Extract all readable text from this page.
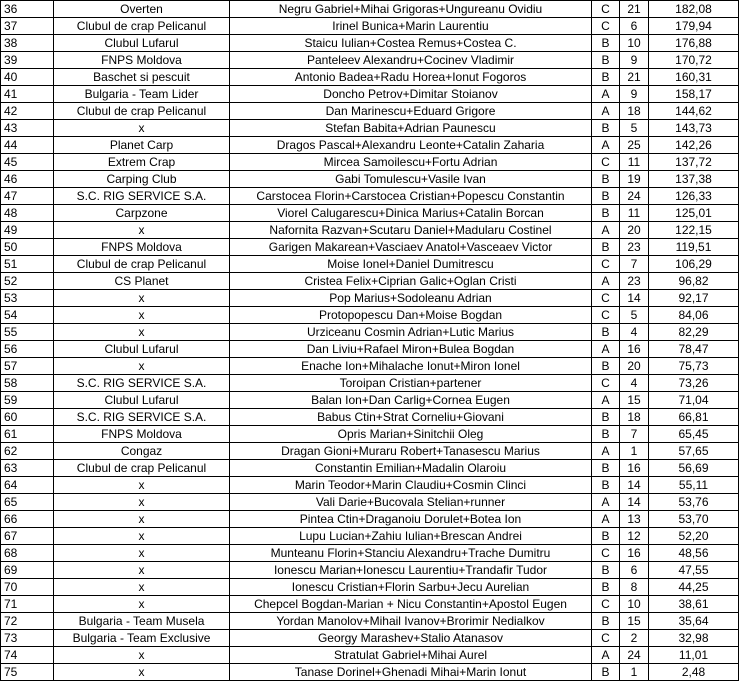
36	Overten	Negru Gabriel+Mihai Grigoras+Ungureanu Ovidiu	C	21	182,08
37	Clubul de crap Pelicanul	Irinel Bunica+Marin Laurentiu	C	6	179,94
38	Clubul Lufarul	Staicu Iulian+Costea Remus+Costea C.	B	10	176,88
39	FNPS Moldova	Panteleev Alexandru+Cocinev Vladimir	B	9	170,72
40	Baschet si pescuit	Antonio Badea+Radu Horea+Ionut Fogoros	B	21	160,31
41	Bulgaria - Team Lider	Doncho Petrov+Dimitar Stoianov	A	9	158,17
42	Clubul de crap Pelicanul	Dan Marinescu+Eduard Grigore	A	18	144,62
43	x	Stefan Babita+Adrian Paunescu	B	5	143,73
44	Planet Carp	Dragos Pascal+Alexandru Leonte+Catalin Zaharia	A	25	142,26
45	Extrem Crap	Mircea Samoilescu+Fortu Adrian	C	11	137,72
46	Carping Club	Gabi Tomulescu+Vasile Ivan	B	19	137,38
47	S.C. RIG SERVICE S.A.	Carstocea Florin+Carstocea Cristian+Popescu Constantin	B	24	126,33
48	Carpzone	Viorel Calugarescu+Dinica Marius+Catalin Borcan	B	11	125,01
49	x	Nafornita Razvan+Scutaru Daniel+Madularu Costinel	A	20	122,15
50	FNPS Moldova	Garigen Makarean+Vasciaev Anatol+Vasceaev Victor	B	23	119,51
51	Clubul de crap Pelicanul	Moise Ionel+Daniel Dumitrescu	C	7	106,29
52	CS Planet	Cristea Felix+Ciprian Galic+Oglan Cristi	A	23	96,82
53	x	Pop Marius+Sodoleanu Adrian	C	14	92,17
54	x	Protopopescu Dan+Moise Bogdan	C	5	84,06
55	x	Urziceanu Cosmin Adrian+Lutic Marius	B	4	82,29
56	Clubul Lufarul	Dan Liviu+Rafael Miron+Bulea Bogdan	A	16	78,47
57	x	Enache Ion+Mihalache Ionut+Miron Ionel	B	20	75,73
58	S.C. RIG SERVICE S.A.	Toroipan Cristian+partener	C	4	73,26
59	Clubul Lufarul	Balan Ion+Dan Carlig+Cornea Eugen	A	15	71,04
60	S.C. RIG SERVICE S.A.	Babus Ctin+Strat Corneliu+Giovani	B	18	66,81
61	FNPS Moldova	Opris Marian+Sinitchii Oleg	B	7	65,45
62	Congaz	Dragan Gioni+Muraru Robert+Tanasescu Marius	A	1	57,65
63	Clubul de crap Pelicanul	Constantin Emilian+Madalin Olaroiu	B	16	56,69
64	x	Marin Teodor+Marin Claudiu+Cosmin Clinci	B	14	55,11
65	x	Vali Darie+Bucovala Stelian+runner	A	14	53,76
66	x	Pintea Ctin+Draganoiu Dorulet+Botea Ion	A	13	53,70
67	x	Lupu Lucian+Zahiu Iulian+Brescan Andrei	B	12	52,20
68	x	Munteanu Florin+Stanciu Alexandru+Trache Dumitru	C	16	48,56
69	x	Ionescu Marian+Ionescu Laurentiu+Trandafir Tudor	B	6	47,55
70	x	Ionescu Cristian+Florin Sarbu+Jecu Aurelian	B	8	44,25
71	x	Chepcel Bogdan-Marian + Nicu Constantin+Apostol Eugen	C	10	38,61
72	Bulgaria - Team Musela	Yordan Manolov+Mihail Ivanov+Brorimir Nedialkov	B	15	35,64
73	Bulgaria - Team Exclusive	Georgy Marashev+Stalio Atanasov	C	2	32,98
74	x	Stratulat Gabriel+Mihai Aurel	A	24	11,01
75	x	Tanase Dorinel+Ghenadi Mihai+Marin Ionut	B	1	2,48
